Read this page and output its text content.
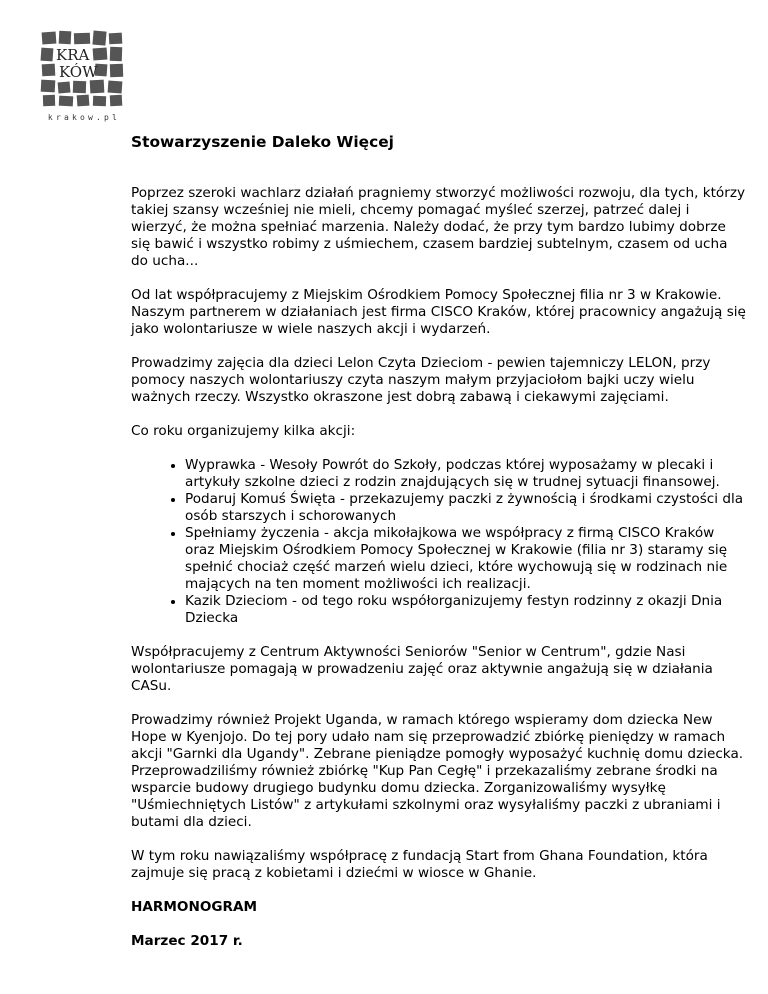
KRA
KÓW
krakow.pl
Stowarzyszenie Daleko Więcej

Poprzez szeroki wachlarz działań pragniemy stworzyć możliwości rozwoju, dla tych, którzy takiej szansy wcześniej nie mieli, chcemy pomagać myśleć szerzej, patrzeć dalej i wierzyć, że można spełniać marzenia. Należy dodać, że przy tym bardzo lubimy dobrze się bawić i wszystko robimy z uśmiechem, czasem bardziej subtelnym, czasem od ucha do ucha...

Od lat współpracujemy z Miejskim Ośrodkiem Pomocy Społecznej filia nr 3 w Krakowie. Naszym partnerem w działaniach jest firma CISCO Kraków, której pracownicy angażują się jako wolontariusze w wiele naszych akcji i wydarzeń.

Prowadzimy zajęcia dla dzieci Lelon Czyta Dzieciom - pewien tajemniczy LELON, przy pomocy naszych wolontariuszy czyta naszym małym przyjaciołom bajki uczy wielu ważnych rzeczy. Wszystko okraszone jest dobrą zabawą i ciekawymi zajęciami.

Co roku organizujemy kilka akcji:

• Wyprawka - Wesoły Powrót do Szkoły, podczas której wyposażamy w plecaki i artykuły szkolne dzieci z rodzin znajdujących się w trudnej sytuacji finansowej.
• Podaruj Komuś Święta - przekazujemy paczki z żywnością i środkami czystości dla osób starszych i schorowanych
• Spełniamy życzenia - akcja mikołajkowa we współpracy z firmą CISCO Kraków oraz Miejskim Ośrodkiem Pomocy Społecznej w Krakowie (filia nr 3) staramy się spełnić chociaż część marzeń wielu dzieci, które wychowują się w rodzinach nie mających na ten moment możliwości ich realizacji.
• Kazik Dzieciom - od tego roku współorganizujemy festyn rodzinny z okazji Dnia Dziecka

Współpracujemy z Centrum Aktywności Seniorów "Senior w Centrum", gdzie Nasi wolontariusze pomagają w prowadzeniu zajęć oraz aktywnie angażują się w działania CASu.

Prowadzimy również Projekt Uganda, w ramach którego wspieramy dom dziecka New Hope w Kyenjojo. Do tej pory udało nam się przeprowadzić zbiórkę pieniędzy w ramach akcji "Garnki dla Ugandy". Zebrane pieniądze pomogły wyposażyć kuchnię domu dziecka. Przeprowadziliśmy również zbiórkę "Kup Pan Cegłę" i przekazaliśmy zebrane środki na wsparcie budowy drugiego budynku domu dziecka. Zorganizowaliśmy wysyłkę "Uśmiechniętych Listów" z artykułami szkolnymi oraz wysyłaliśmy paczki z ubraniami i butami dla dzieci.

W tym roku nawiązaliśmy współpracę z fundacją Start from Ghana Foundation, która zajmuje się pracą z kobietami i dziećmi w wiosce w Ghanie.

HARMONOGRAM
Marzec 2017 r.
